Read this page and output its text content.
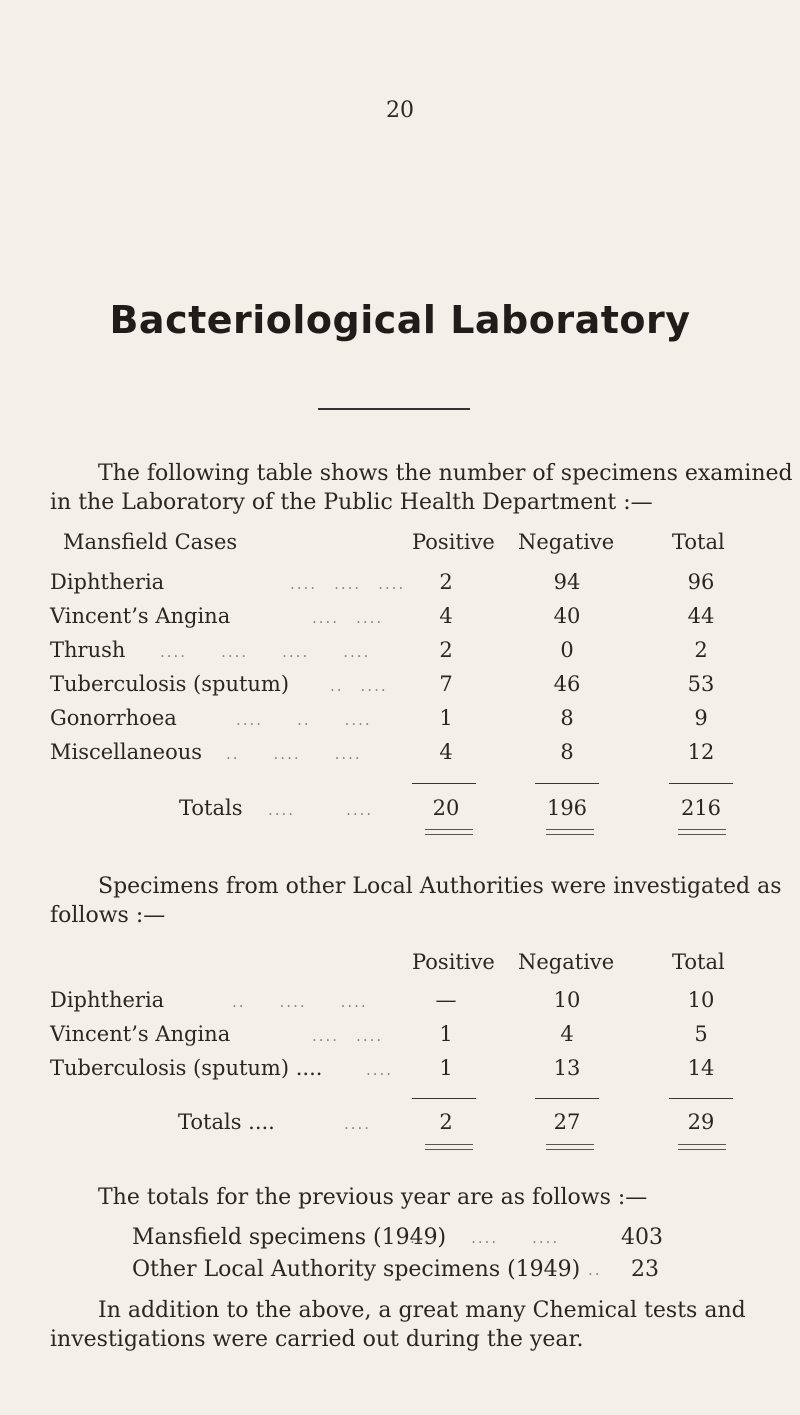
20
Bacteriological Laboratory
The following table shows the number of specimens examined
in the Laboratory of the Public Health Department :—
Mansfield Cases	Positive Negative	Total
Diphtheria	.... .... ....	2	94	96
Vincent’s Angina	.... ....	4	40	44
Thrush ....  ....  ....  ....	2	0	2
Tuberculosis (sputum)	.. ....	7	46	53
Gonorrhoea	....  ..  ....	1	8	9
Miscellaneous ..  ....  ....	4	8	12
Totals ....   ....	20	196	216
Specimens from other Local Authorities were investigated as
follows :—
Positive Negative	Total
Diphtheria	..  ....  ....	—	10	10
Vincent’s Angina	.... ....	1	4	5
Tuberculosis (sputum) ....	....	1	13	14
Totals ....	....	2	27	29
The totals for the previous year are as follows :—
Mansfield specimens (1949)
....  ....  ....	403
Other Local Authority specimens (1949) .. 23
In addition to the above, a great many Chemical tests and
investigations were carried out during the year.
